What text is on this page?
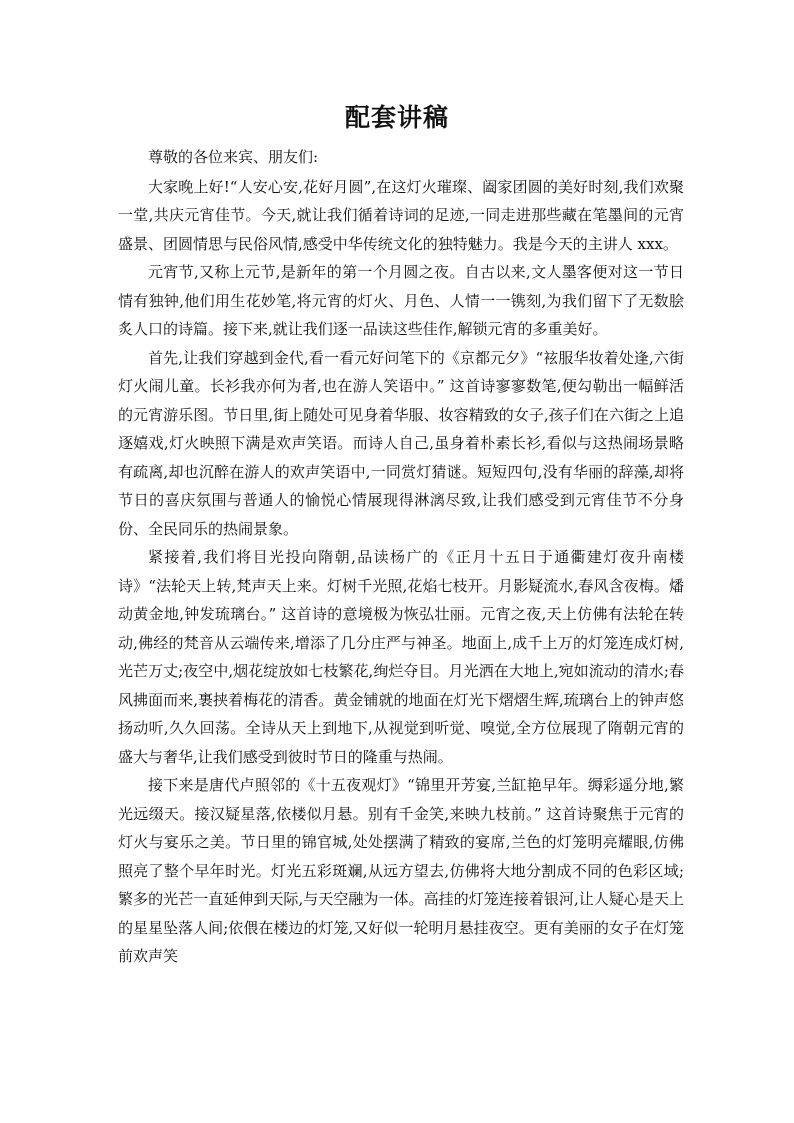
配套讲稿

尊敬的各位来宾、朋友们:

大家晚上好!“人安心安,花好月圆”,在这灯火璀璨、阖家团圆的美好时刻,我们欢聚一堂,共庆元宵佳节。今天,就让我们循着诗词的足迹,一同走进那些藏在笔墨间的元宵盛景、团圆情思与民俗风情,感受中华传统文化的独特魅力。我是今天的主讲人 xxx。

元宵节,又称上元节,是新年的第一个月圆之夜。自古以来,文人墨客便对这一节日情有独钟,他们用生花妙笔,将元宵的灯火、月色、人情一一镌刻,为我们留下了无数脍炙人口的诗篇。接下来,就让我们逐一品读这些佳作,解锁元宵的多重美好。

首先,让我们穿越到金代,看一看元好问笔下的《京都元夕》“袨服华妆着处逢,六街灯火闹儿童。长衫我亦何为者,也在游人笑语中。” 这首诗寥寥数笔,便勾勒出一幅鲜活的元宵游乐图。节日里,街上随处可见身着华服、妆容精致的女子,孩子们在六街之上追逐嬉戏,灯火映照下满是欢声笑语。而诗人自己,虽身着朴素长衫,看似与这热闹场景略有疏离,却也沉醉在游人的欢声笑语中,一同赏灯猜谜。短短四句,没有华丽的辞藻,却将节日的喜庆氛围与普通人的愉悦心情展现得淋漓尽致,让我们感受到元宵佳节不分身份、全民同乐的热闹景象。

紧接着,我们将目光投向隋朝,品读杨广的《正月十五日于通衢建灯夜升南楼诗》“法轮天上转,梵声天上来。灯树千光照,花焰七枝开。月影疑流水,春风含夜梅。燔动黄金地,钟发琉璃台。” 这首诗的意境极为恢弘壮丽。元宵之夜,天上仿佛有法轮在转动,佛经的梵音从云端传来,增添了几分庄严与神圣。地面上,成千上万的灯笼连成灯树,光芒万丈;夜空中,烟花绽放如七枝繁花,绚烂夺目。月光洒在大地上,宛如流动的清水;春风拂面而来,裹挟着梅花的清香。黄金铺就的地面在灯光下熠熠生辉,琉璃台上的钟声悠扬动听,久久回荡。全诗从天上到地下,从视觉到听觉、嗅觉,全方位展现了隋朝元宵的盛大与奢华,让我们感受到彼时节日的隆重与热闹。

接下来是唐代卢照邻的《十五夜观灯》“锦里开芳宴,兰缸艳早年。缛彩遥分地,繁光远缀天。接汉疑星落,依楼似月悬。别有千金笑,来映九枝前。” 这首诗聚焦于元宵的灯火与宴乐之美。节日里的锦官城,处处摆满了精致的宴席,兰色的灯笼明亮耀眼,仿佛照亮了整个早年时光。灯光五彩斑斓,从远方望去,仿佛将大地分割成不同的色彩区域;繁多的光芒一直延伸到天际,与天空融为一体。高挂的灯笼连接着银河,让人疑心是天上的星星坠落人间;依偎在楼边的灯笼,又好似一轮明月悬挂夜空。更有美丽的女子在灯笼前欢声笑
